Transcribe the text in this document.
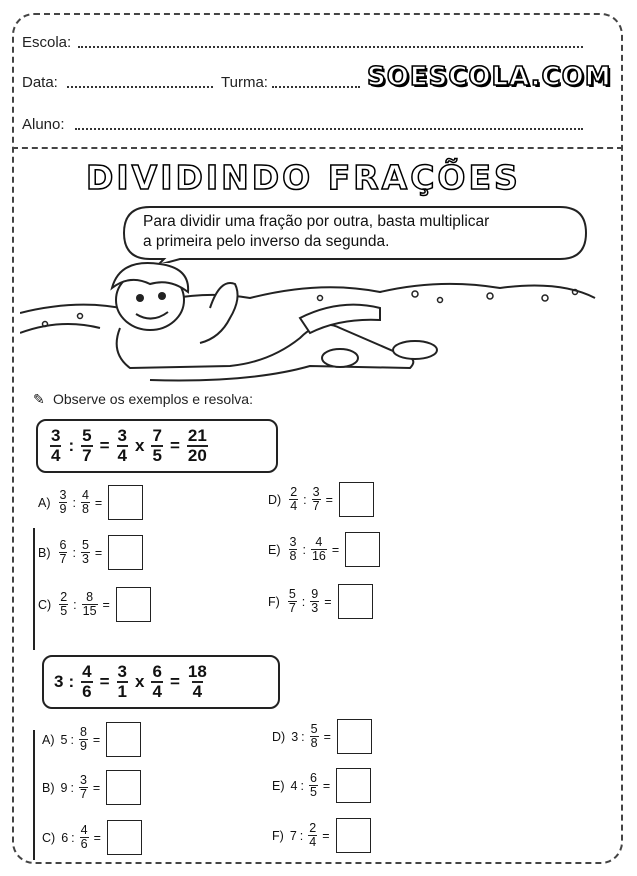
Escola:
Data:	Turma:	SOESCOLA.COM
Aluno:
DIVIDINDO FRAÇÕES
Para dividir uma fração por outra, basta multiplicar
a primeira pelo inverso da segunda.
✎ Observe os exemplos e resolva:
$\frac{3}{4}$ : $\frac{5}{7} = \frac{3}{4}$ x $\frac{7}{5} = \frac{21}{20}$
$A) \frac{3}{9}$ : $\frac{4}{8}$ =
$B) \frac{6}{7}$ : $\frac{5}{3}$ =
$C) \frac{2}{5}$ : $\frac{8}{15}$ =
$D) \frac{2}{4}$ : $\frac{3}{7}$ =
$E) \frac{3}{8}$ : $\frac{4}{16}$ =
$F) \frac{5}{7}$ : $\frac{9}{3}$ =
3 : $\frac{4}{6} = \frac{3}{1}$ x $\frac{6}{4} = \frac{18}{4}$
A) 5 : $\frac{8}{9}$ =
B) 9 : $\frac{3}{7}$ =
C) 6 : $\frac{4}{6}$ =
D) 3 : $\frac{5}{8}$ =
E) 4 : $\frac{6}{5}$ =
F) 7 : $\frac{2}{4}$ =
